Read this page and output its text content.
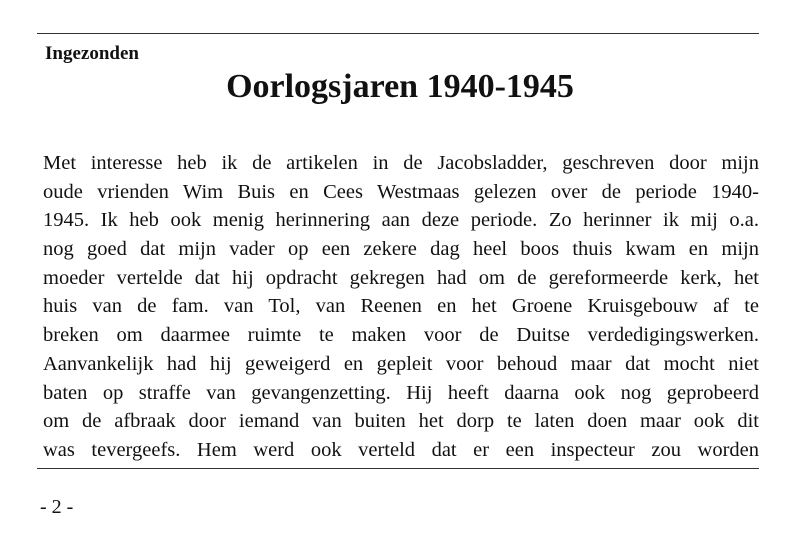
Ingezonden
Oorlogsjaren 1940-1945
Met interesse heb ik de artikelen in de Jacobsladder, geschreven door mijn
oude vrienden Wim Buis en Cees Westmaas gelezen over de periode 1940-
1945. Ik heb ook menig herinnering aan deze periode. Zo herinner ik mij o.a.
nog goed dat mijn vader op een zekere dag heel boos thuis kwam en mijn
moeder vertelde dat hij opdracht gekregen had om de gereformeerde kerk, het
huis van de fam. van Tol, van Reenen en het Groene Kruisgebouw af te
breken om daarmee ruimte te maken voor de Duitse verdedigingswerken.
Aanvankelijk had hij geweigerd en gepleit voor behoud maar dat mocht niet
baten op straffe van gevangenzetting. Hij heeft daarna ook nog geprobeerd
om de afbraak door iemand van buiten het dorp te laten doen maar ook dit
was tevergeefs. Hem werd ook verteld dat er een inspecteur zou worden
- 2 -
